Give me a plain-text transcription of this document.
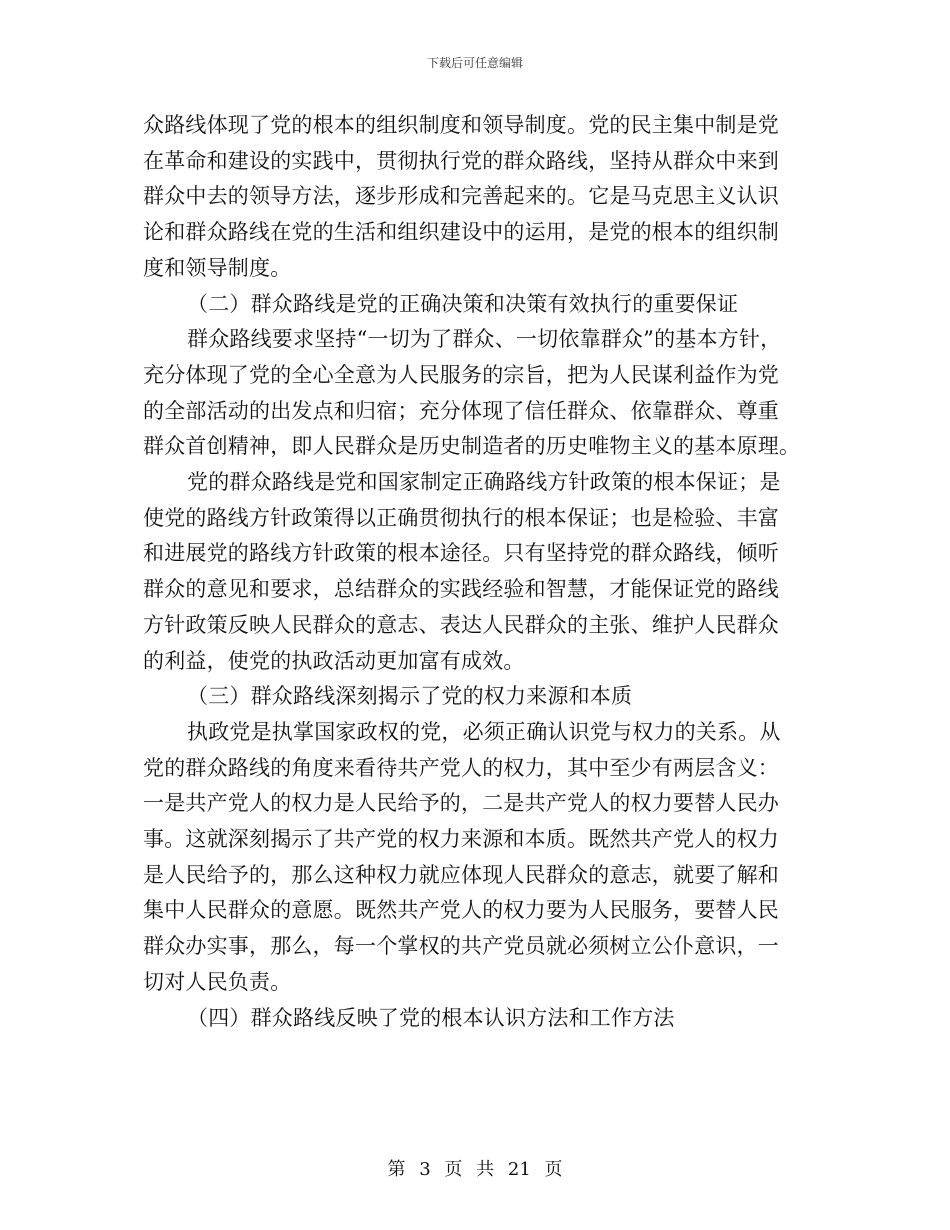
下载后可任意编辑
众路线体现了党的根本的组织制度和领导制度。党的民主集中制是党
在革命和建设的实践中，贯彻执行党的群众路线，坚持从群众中来到
群众中去的领导方法，逐步形成和完善起来的。它是马克思主义认识
论和群众路线在党的生活和组织建设中的运用，是党的根本的组织制
度和领导制度。
（二）群众路线是党的正确决策和决策有效执行的重要保证
群众路线要求坚持“一切为了群众、一切依靠群众”的基本方针，
充分体现了党的全心全意为人民服务的宗旨，把为人民谋利益作为党
的全部活动的出发点和归宿；充分体现了信任群众、依靠群众、尊重
群众首创精神，即人民群众是历史制造者的历史唯物主义的基本原理。
党的群众路线是党和国家制定正确路线方针政策的根本保证；是
使党的路线方针政策得以正确贯彻执行的根本保证；也是检验、丰富
和进展党的路线方针政策的根本途径。只有坚持党的群众路线，倾听
群众的意见和要求，总结群众的实践经验和智慧，才能保证党的路线
方针政策反映人民群众的意志、表达人民群众的主张、维护人民群众
的利益，使党的执政活动更加富有成效。
（三）群众路线深刻揭示了党的权力来源和本质
执政党是执掌国家政权的党，必须正确认识党与权力的关系。从
党的群众路线的角度来看待共产党人的权力，其中至少有两层含义：
一是共产党人的权力是人民给予的，二是共产党人的权力要替人民办
事。这就深刻揭示了共产党的权力来源和本质。既然共产党人的权力
是人民给予的，那么这种权力就应体现人民群众的意志，就要了解和
集中人民群众的意愿。既然共产党人的权力要为人民服务，要替人民
群众办实事，那么，每一个掌权的共产党员就必须树立公仆意识，一
切对人民负责。
（四）群众路线反映了党的根本认识方法和工作方法
第 3 页 共 21 页
